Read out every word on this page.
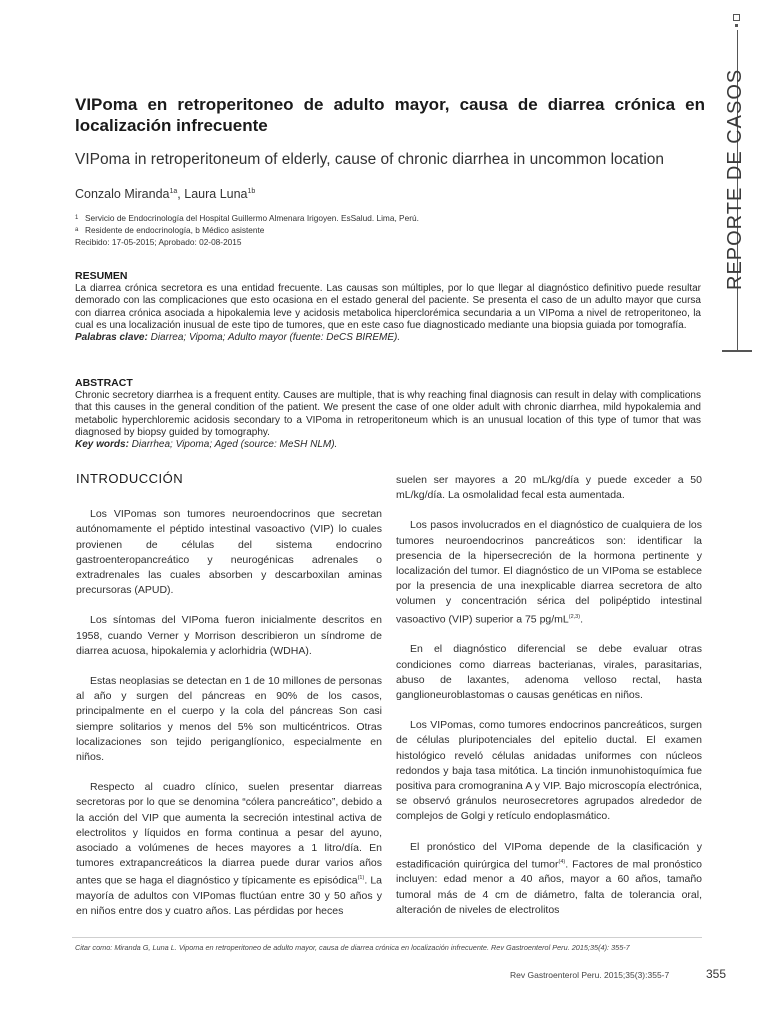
REPORTE DE CASOS
VIPoma en retroperitoneo de adulto mayor, causa de diarrea crónica en localización infrecuente
VIPoma in retroperitoneum of elderly, cause of chronic diarrhea in uncommon location
Conzalo Miranda$^{1a}$, Laura Luna$^{1b}$
1 Servicio de Endocrinología del Hospital Guillermo Almenara Irigoyen. EsSalud. Lima, Perú.
a Residente de endocrinología, b Médico asistente
Recibido: 17-05-2015; Aprobado: 02-08-2015
RESUMEN
La diarrea crónica secretora es una entidad frecuente. Las causas son múltiples, por lo que llegar al diagnóstico definitivo puede resultar demorado con las complicaciones que esto ocasiona en el estado general del paciente. Se presenta el caso de un adulto mayor que cursa con diarrea crónica asociada a hipokalemia leve y acidosis metabolica hiperclorémica secundaria a un VIPoma a nivel de retroperitoneo, la cual es una localización inusual de este tipo de tumores, que en este caso fue diagnosticado mediante una biopsia guiada por tomografía.
Palabras clave: Diarrea; Vipoma; Adulto mayor (fuente: DeCS BIREME).
ABSTRACT
Chronic secretory diarrhea is a frequent entity. Causes are multiple, that is why reaching final diagnosis can result in delay with complications that this causes in the general condition of the patient. We present the case of one older adult with chronic diarrhea, mild hypokalemia and metabolic hyperchloremic acidosis secondary to a VIPoma in retroperitoneum which is an unusual location of this type of tumor that was diagnosed by biopsy guided by tomography.
Key words: Diarrhea; Vipoma; Aged (source: MeSH NLM).
INTRODUCCIÓN

Los VIPomas son tumores neuroendocrinos que secretan autónomamente el péptido intestinal vasoactivo (VIP) lo cuales provienen de células del sistema endocrino gastroenteropancreático y neurogénicas adrenales o extradrenales las cuales absorben y descarboxilan aminas precursoras (APUD).

Los síntomas del VIPoma fueron inicialmente descritos en 1958, cuando Verner y Morrison describieron un síndrome de diarrea acuosa, hipokalemia y aclorhidria (WDHA).

Estas neoplasias se detectan en 1 de 10 millones de personas al año y surgen del páncreas en 90% de los casos, principalmente en el cuerpo y la cola del páncreas Son casi siempre solitarios y menos del 5% son multicéntricos. Otras localizaciones son tejido periganglíonico, especialmente en niños.

Respecto al cuadro clínico, suelen presentar diarreas secretoras por lo que se denomina “cólera pancreático”, debido a la acción del VIP que aumenta la secreción intestinal activa de electrolitos y líquidos en forma continua a pesar del ayuno, asociado a volúmenes de heces mayores a 1 litro/día. En tumores extrapancreáticos la diarrea puede durar varios años antes que se haga el diagnóstico y típicamente es episódica$^{(1)}$. La mayoría de adultos con VIPomas fluctúan entre 30 y 50 años y en niños entre dos y cuatro años. Las pérdidas por heces

suelen ser mayores a 20 mL/kg/día y puede exceder a 50 mL/kg/día. La osmolalidad fecal esta aumentada.

Los pasos involucrados en el diagnóstico de cualquiera de los tumores neuroendocrinos pancreáticos son: identificar la presencia de la hipersecreción de la hormona pertinente y localización del tumor. El diagnóstico de un VIPoma se establece por la presencia de una inexplicable diarrea secretora de alto volumen y concentración sérica del polipéptido intestinal vasoactivo (VIP) superior a 75 pg/mL$^{(2,3)}$.

En el diagnóstico diferencial se debe evaluar otras condiciones como diarreas bacterianas, virales, parasitarias, abuso de laxantes, adenoma velloso rectal, hasta ganglioneuroblastomas o causas genéticas en niños.

Los VIPomas, como tumores endocrinos pancreáticos, surgen de células pluripotenciales del epitelio ductal. El examen histológico reveló células anidadas uniformes con núcleos redondos y baja tasa mitótica. La tinción inmunohistoquímica fue positiva para cromogranina A y VIP. Bajo microscopía electrónica, se observó gránulos neurosecretores agrupados alrededor de complejos de Golgi y retículo endoplasmático.

El pronóstico del VIPoma depende de la clasificación y estadificación quirúrgica del tumor$^{(4)}$. Factores de mal pronóstico incluyen: edad menor a 40 años, mayor a 60 años, tamaño tumoral más de 4 cm de diámetro, falta de tolerancia oral, alteración de niveles de electrolitos

Citar como: Miranda G, Luna L. Vipoma en retroperitoneo de adulto mayor, causa de diarrea crónica en localización infrecuente. Rev Gastroenterol Peru. 2015;35(4): 355-7
Rev Gastroenterol Peru. 2015;35(3):355-7	355
